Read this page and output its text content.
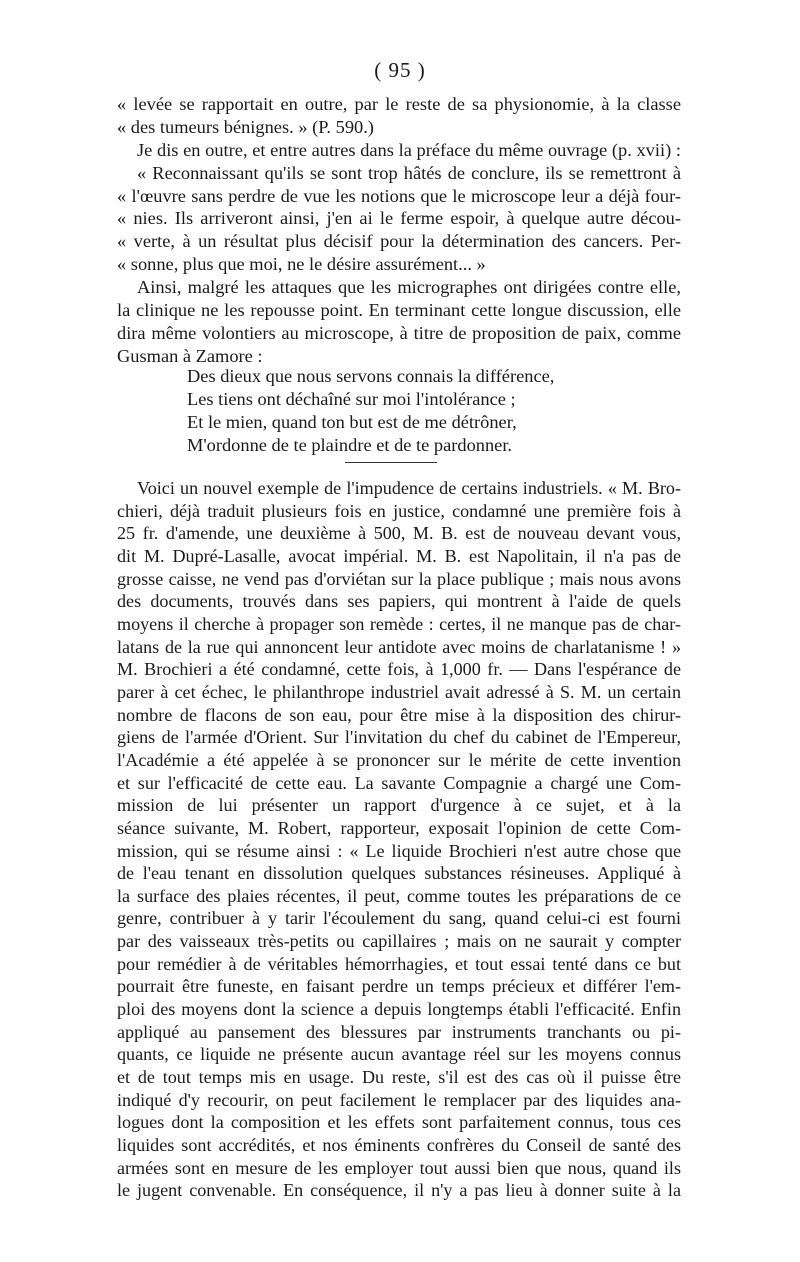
( 95 )
« levée se rapportait en outre, par le reste de sa physionomie, à la classe
« des tumeurs bénignes. » (P. 590.)
Je dis en outre, et entre autres dans la préface du même ouvrage (p. xvii) :
« Reconnaissant qu'ils se sont trop hâtés de conclure, ils se remettront à
« l'œuvre sans perdre de vue les notions que le microscope leur a déjà four-
« nies. Ils arriveront ainsi, j'en ai le ferme espoir, à quelque autre décou-
« verte, à un résultat plus décisif pour la détermination des cancers. Per-
« sonne, plus que moi, ne le désire assurément... »
Ainsi, malgré les attaques que les micrographes ont dirigées contre elle,
la clinique ne les repousse point. En terminant cette longue discussion, elle
dira même volontiers au microscope, à titre de proposition de paix, comme
Gusman à Zamore :
Des dieux que nous servons connais la différence,
Les tiens ont déchaîné sur moi l'intolérance ;
Et le mien, quand ton but est de me détrôner,
M'ordonne de te plaindre et de te pardonner.
Voici un nouvel exemple de l'impudence de certains industriels. « M. Bro-
chieri, déjà traduit plusieurs fois en justice, condamné une première fois à
25 fr. d'amende, une deuxième à 500, M. B. est de nouveau devant vous,
dit M. Dupré-Lasalle, avocat impérial. M. B. est Napolitain, il n'a pas de
grosse caisse, ne vend pas d'orviétan sur la place publique ; mais nous avons
des documents, trouvés dans ses papiers, qui montrent à l'aide de quels
moyens il cherche à propager son remède : certes, il ne manque pas de char-
latans de la rue qui annoncent leur antidote avec moins de charlatanisme ! »
M. Brochieri a été condamné, cette fois, à 1,000 fr. — Dans l'espérance de
parer à cet échec, le philanthrope industriel avait adressé à S. M. un certain
nombre de flacons de son eau, pour être mise à la disposition des chirur-
giens de l'armée d'Orient. Sur l'invitation du chef du cabinet de l'Empereur,
l'Académie a été appelée à se prononcer sur le mérite de cette invention
et sur l'efficacité de cette eau. La savante Compagnie a chargé une Com-
mission de lui présenter un rapport d'urgence à ce sujet, et à la
séance suivante, M. Robert, rapporteur, exposait l'opinion de cette Com-
mission, qui se résume ainsi : « Le liquide Brochieri n'est autre chose que
de l'eau tenant en dissolution quelques substances résineuses. Appliqué à
la surface des plaies récentes, il peut, comme toutes les préparations de ce
genre, contribuer à y tarir l'écoulement du sang, quand celui-ci est fourni
par des vaisseaux très-petits ou capillaires ; mais on ne saurait y compter
pour remédier à de véritables hémorrhagies, et tout essai tenté dans ce but
pourrait être funeste, en faisant perdre un temps précieux et différer l'em-
ploi des moyens dont la science a depuis longtemps établi l'efficacité. Enfin
appliqué au pansement des blessures par instruments tranchants ou pi-
quants, ce liquide ne présente aucun avantage réel sur les moyens connus
et de tout temps mis en usage. Du reste, s'il est des cas où il puisse être
indiqué d'y recourir, on peut facilement le remplacer par des liquides ana-
logues dont la composition et les effets sont parfaitement connus, tous ces
liquides sont accrédités, et nos éminents confrères du Conseil de santé des
armées sont en mesure de les employer tout aussi bien que nous, quand ils
le jugent convenable. En conséquence, il n'y a pas lieu à donner suite à la
